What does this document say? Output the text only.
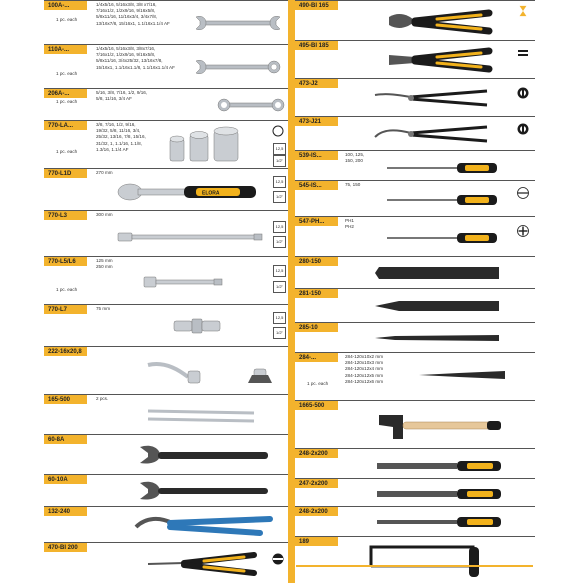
100A-...	1/4x5/16, 5/16x3/8, 3/8 x7/16,
7/16x1/2, 1/2x9/16, 9/16x5/8,
5/8x11/16, 11/16x3/4, 3/4x7/8,
13/16x7/8, 15/16x1, 1.1/16x1.1/4 AF
1 pc. each
110A-...	1/4x5/16, 5/16x3/8, 3/8x7/16,
7/16x1/2, 1/2x9/16, 9/16x5/8,
5/8x11/16, 3/4x25/32, 13/16x7/8,
15/16x1, 1.1/16x1.1/8, 1.1/16x1.1/4 AF
1 pc. each
206A-...	5/16, 3/8, 7/16, 1/2, 9/16,
5/8, 11/16, 3/4 AF
1 pc. each
770-LA...	3/8, 7/16, 1/2, 9/16,
19/32, 5/8, 11/16, 3/4,
25/32, 13/16, 7/8, 15/16,
31/32, 1, 1.1/16, 1.1/8,
1.3/16, 1.1/4 AF
1 pc. each
12,5
1/2"
770-L1D	270 mm
ELORA
12,5
1/2"
770-L3	300 mm
12,5
1/2"
770-L5/L6	125 mm
250 mm
1 pc. each
12,5
1/2"
770-L7	75 mm
12,5
1/2"
222-16x20,8
165-500	2 pcs.
60-8A
60-10A
132-240
470-BI 200
490-BI 165
495-BI 185
473-J2
473-J21
539-IS...	100, 125,
150, 200
545-IS...	75, 150
547-PH...	PH1
PH2
280-150
281-150
285-10
284-...	284-120x10x2 mm
284-120x10x3 mm
284-120x12x4 mm
284-120x12x5 mm
284-120x12x6 mm
1 pc. each
1665-500
248-2x200
247-2x200
248-2x200
189
